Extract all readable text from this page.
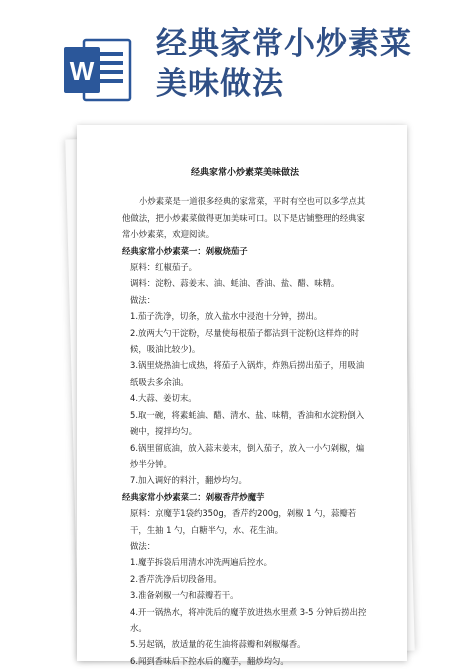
W
经典家常小炒素菜
美味做法

经典家常小炒素菜美味做法

小炒素菜是一道很多经典的家常菜，平时有空也可以多学点其他做法，把小炒素菜做得更加美味可口。以下是店铺整理的经典家常小炒素菜，欢迎阅读。

经典家常小炒素菜一：剁椒烧茄子

原料：红椒茄子。

调料：淀粉、蒜姜末、油、蚝油、香油、盐、醋、味精。

做法：

1.茄子洗净，切条，放入盐水中浸泡十分钟，捞出。

2.放两大勺干淀粉，尽量使每根茄子都沾到干淀粉(这样炸的时候，吸油比较少)。

3.锅里烧热油七成热，将茄子入锅炸，炸熟后捞出茄子，用吸油纸吸去多余油。

4.大蒜、姜切末。

5.取一碗，将素蚝油、醋、清水、盐、味精，香油和水淀粉倒入碗中，搅拌均匀。

6.锅里留底油，放入蒜末姜末，倒入茄子，放入一小勺剁椒，煸炒半分钟。

7.加入调好的料汁，翻炒均匀。

经典家常小炒素菜二：剁椒香芹炒魔芋

原料：京魔芋1袋约350g，香芹约200g，剁椒 1 勺，蒜瓣若干，生抽 1 勺，白糖半勺，水、花生油。

做法：

1.魔芋拆袋后用清水冲洗两遍后控水。

2.香芹洗净后切段备用。

3.准备剁椒一勺和蒜瓣若干。

4.开一锅热水，将冲洗后的魔芋放进热水里煮 3-5 分钟后捞出控水。

5.另起锅，放适量的花生油将蒜瓣和剁椒爆香。

6.闻到香味后下控水后的魔芋，翻炒均匀。
